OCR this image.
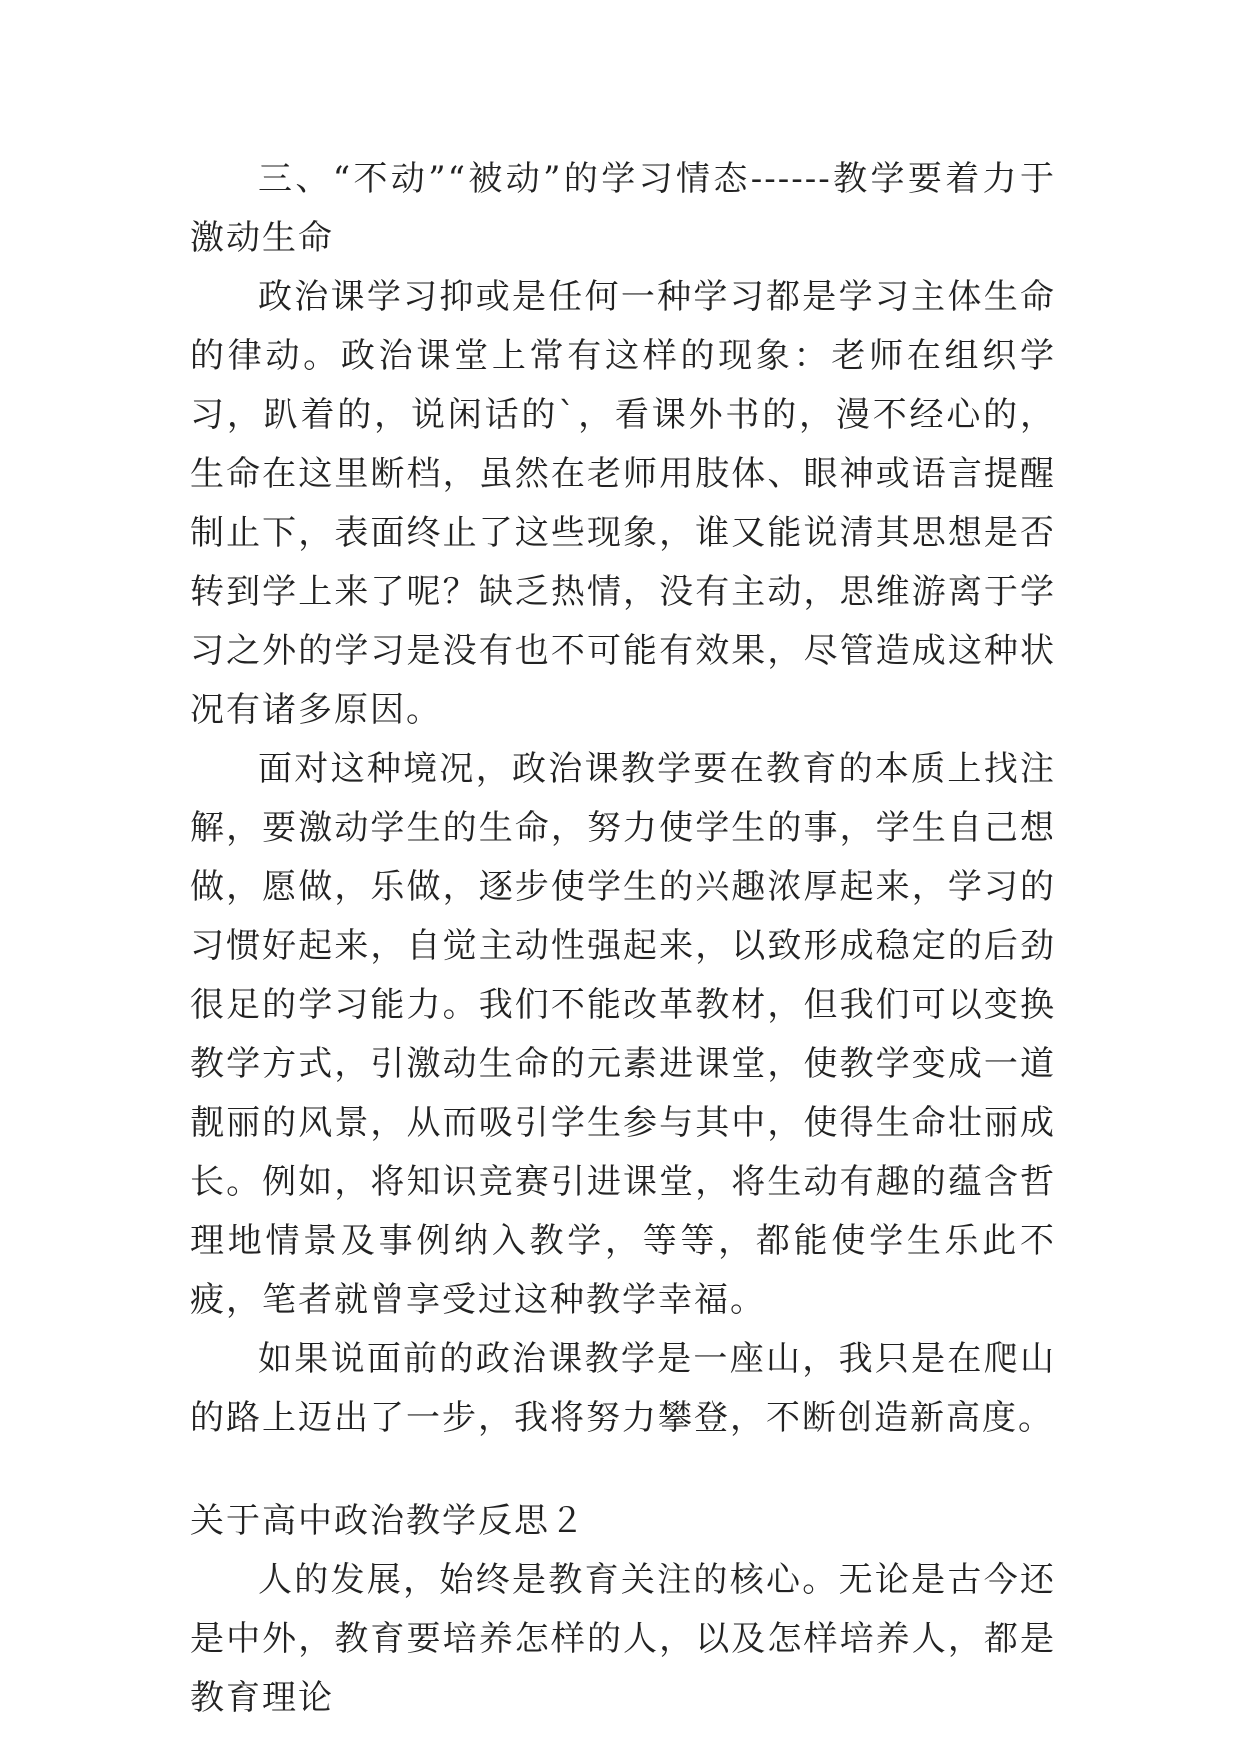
三、“不动”“被动”的学习情态------教学要着力于激动生命

政治课学习抑或是任何一种学习都是学习主体生命的律动。政治课堂上常有这样的现象：老师在组织学习，趴着的，说闲话的`，看课外书的，漫不经心的，生命在这里断档，虽然在老师用肢体、眼神或语言提醒制止下，表面终止了这些现象，谁又能说清其思想是否转到学上来了呢？缺乏热情，没有主动，思维游离于学习之外的学习是没有也不可能有效果，尽管造成这种状况有诸多原因。

面对这种境况，政治课教学要在教育的本质上找注解，要激动学生的生命，努力使学生的事，学生自己想做，愿做，乐做，逐步使学生的兴趣浓厚起来，学习的习惯好起来，自觉主动性强起来，以致形成稳定的后劲很足的学习能力。我们不能改革教材，但我们可以变换教学方式，引激动生命的元素进课堂，使教学变成一道靓丽的风景，从而吸引学生参与其中，使得生命壮丽成长。例如，将知识竞赛引进课堂，将生动有趣的蕴含哲理地情景及事例纳入教学，等等，都能使学生乐此不疲，笔者就曾享受过这种教学幸福。

如果说面前的政治课教学是一座山，我只是在爬山的路上迈出了一步，我将努力攀登，不断创造新高度。

关于高中政治教学反思２

人的发展，始终是教育关注的核心。无论是古今还是中外，教育要培养怎样的人，以及怎样培养人，都是教育理论
